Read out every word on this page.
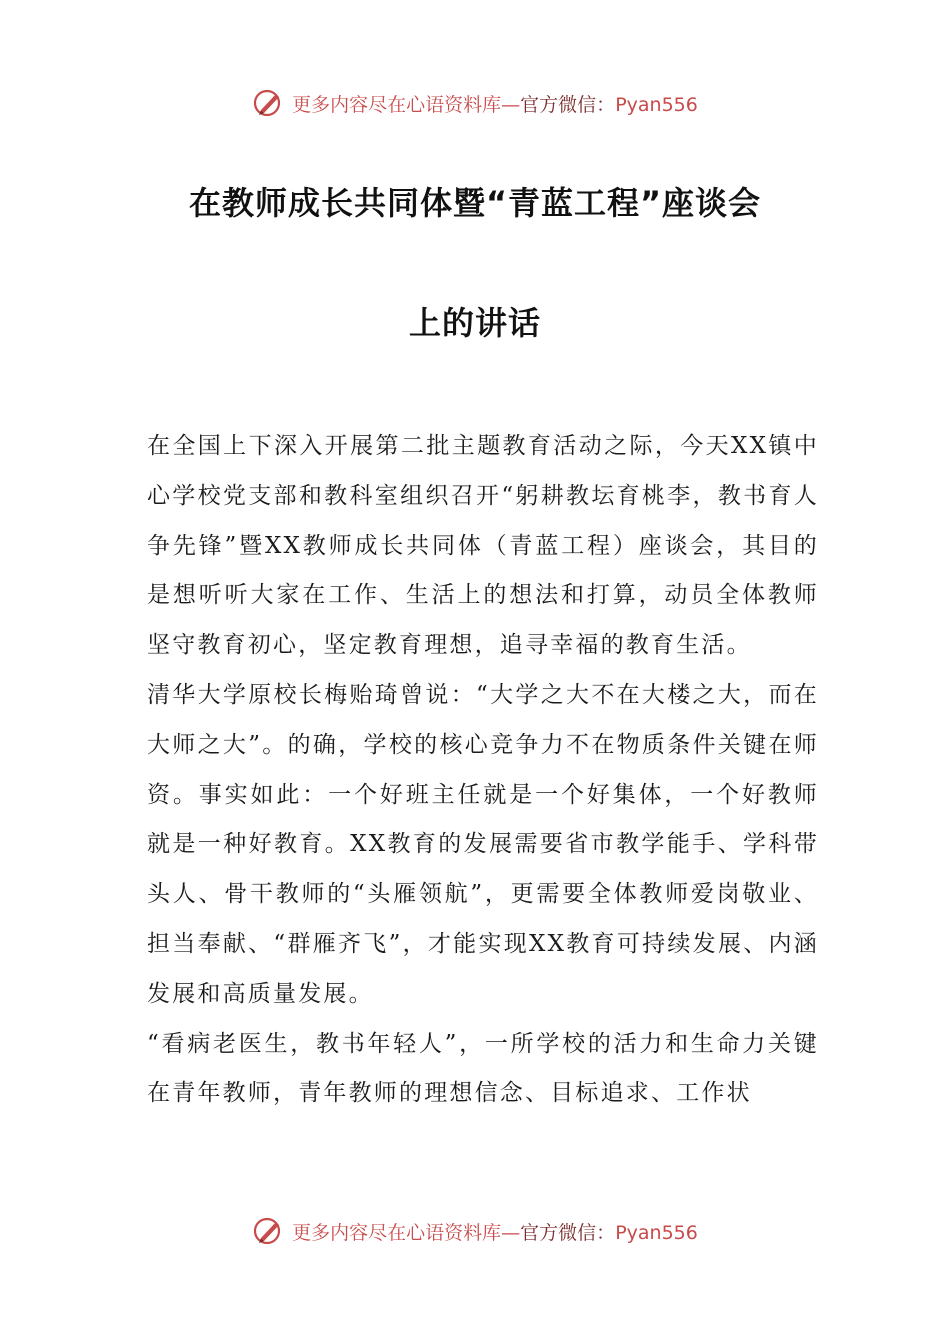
更多内容尽在心语资料库—官方微信：Pyan556
在教师成长共同体暨“青蓝工程”座谈会
上的讲话

在全国上下深入开展第二批主题教育活动之际，今天XX镇中心学校党支部和教科室组织召开“躬耕教坛育桃李，教书育人争先锋”暨XX教师成长共同体（青蓝工程）座谈会，其目的是想听听大家在工作、生活上的想法和打算，动员全体教师坚守教育初心，坚定教育理想，追寻幸福的教育生活。

清华大学原校长梅贻琦曾说：“大学之大不在大楼之大，而在大师之大”。的确，学校的核心竞争力不在物质条件关键在师资。事实如此：一个好班主任就是一个好集体，一个好教师就是一种好教育。XX教育的发展需要省市教学能手、学科带头人、骨干教师的“头雁领航”，更需要全体教师爱岗敬业、担当奉献、“群雁齐飞”，才能实现XX教育可持续发展、内涵发展和高质量发展。

“看病老医生，教书年轻人”，一所学校的活力和生命力关键在青年教师，青年教师的理想信念、目标追求、工作状

更多内容尽在心语资料库—官方微信：Pyan556
